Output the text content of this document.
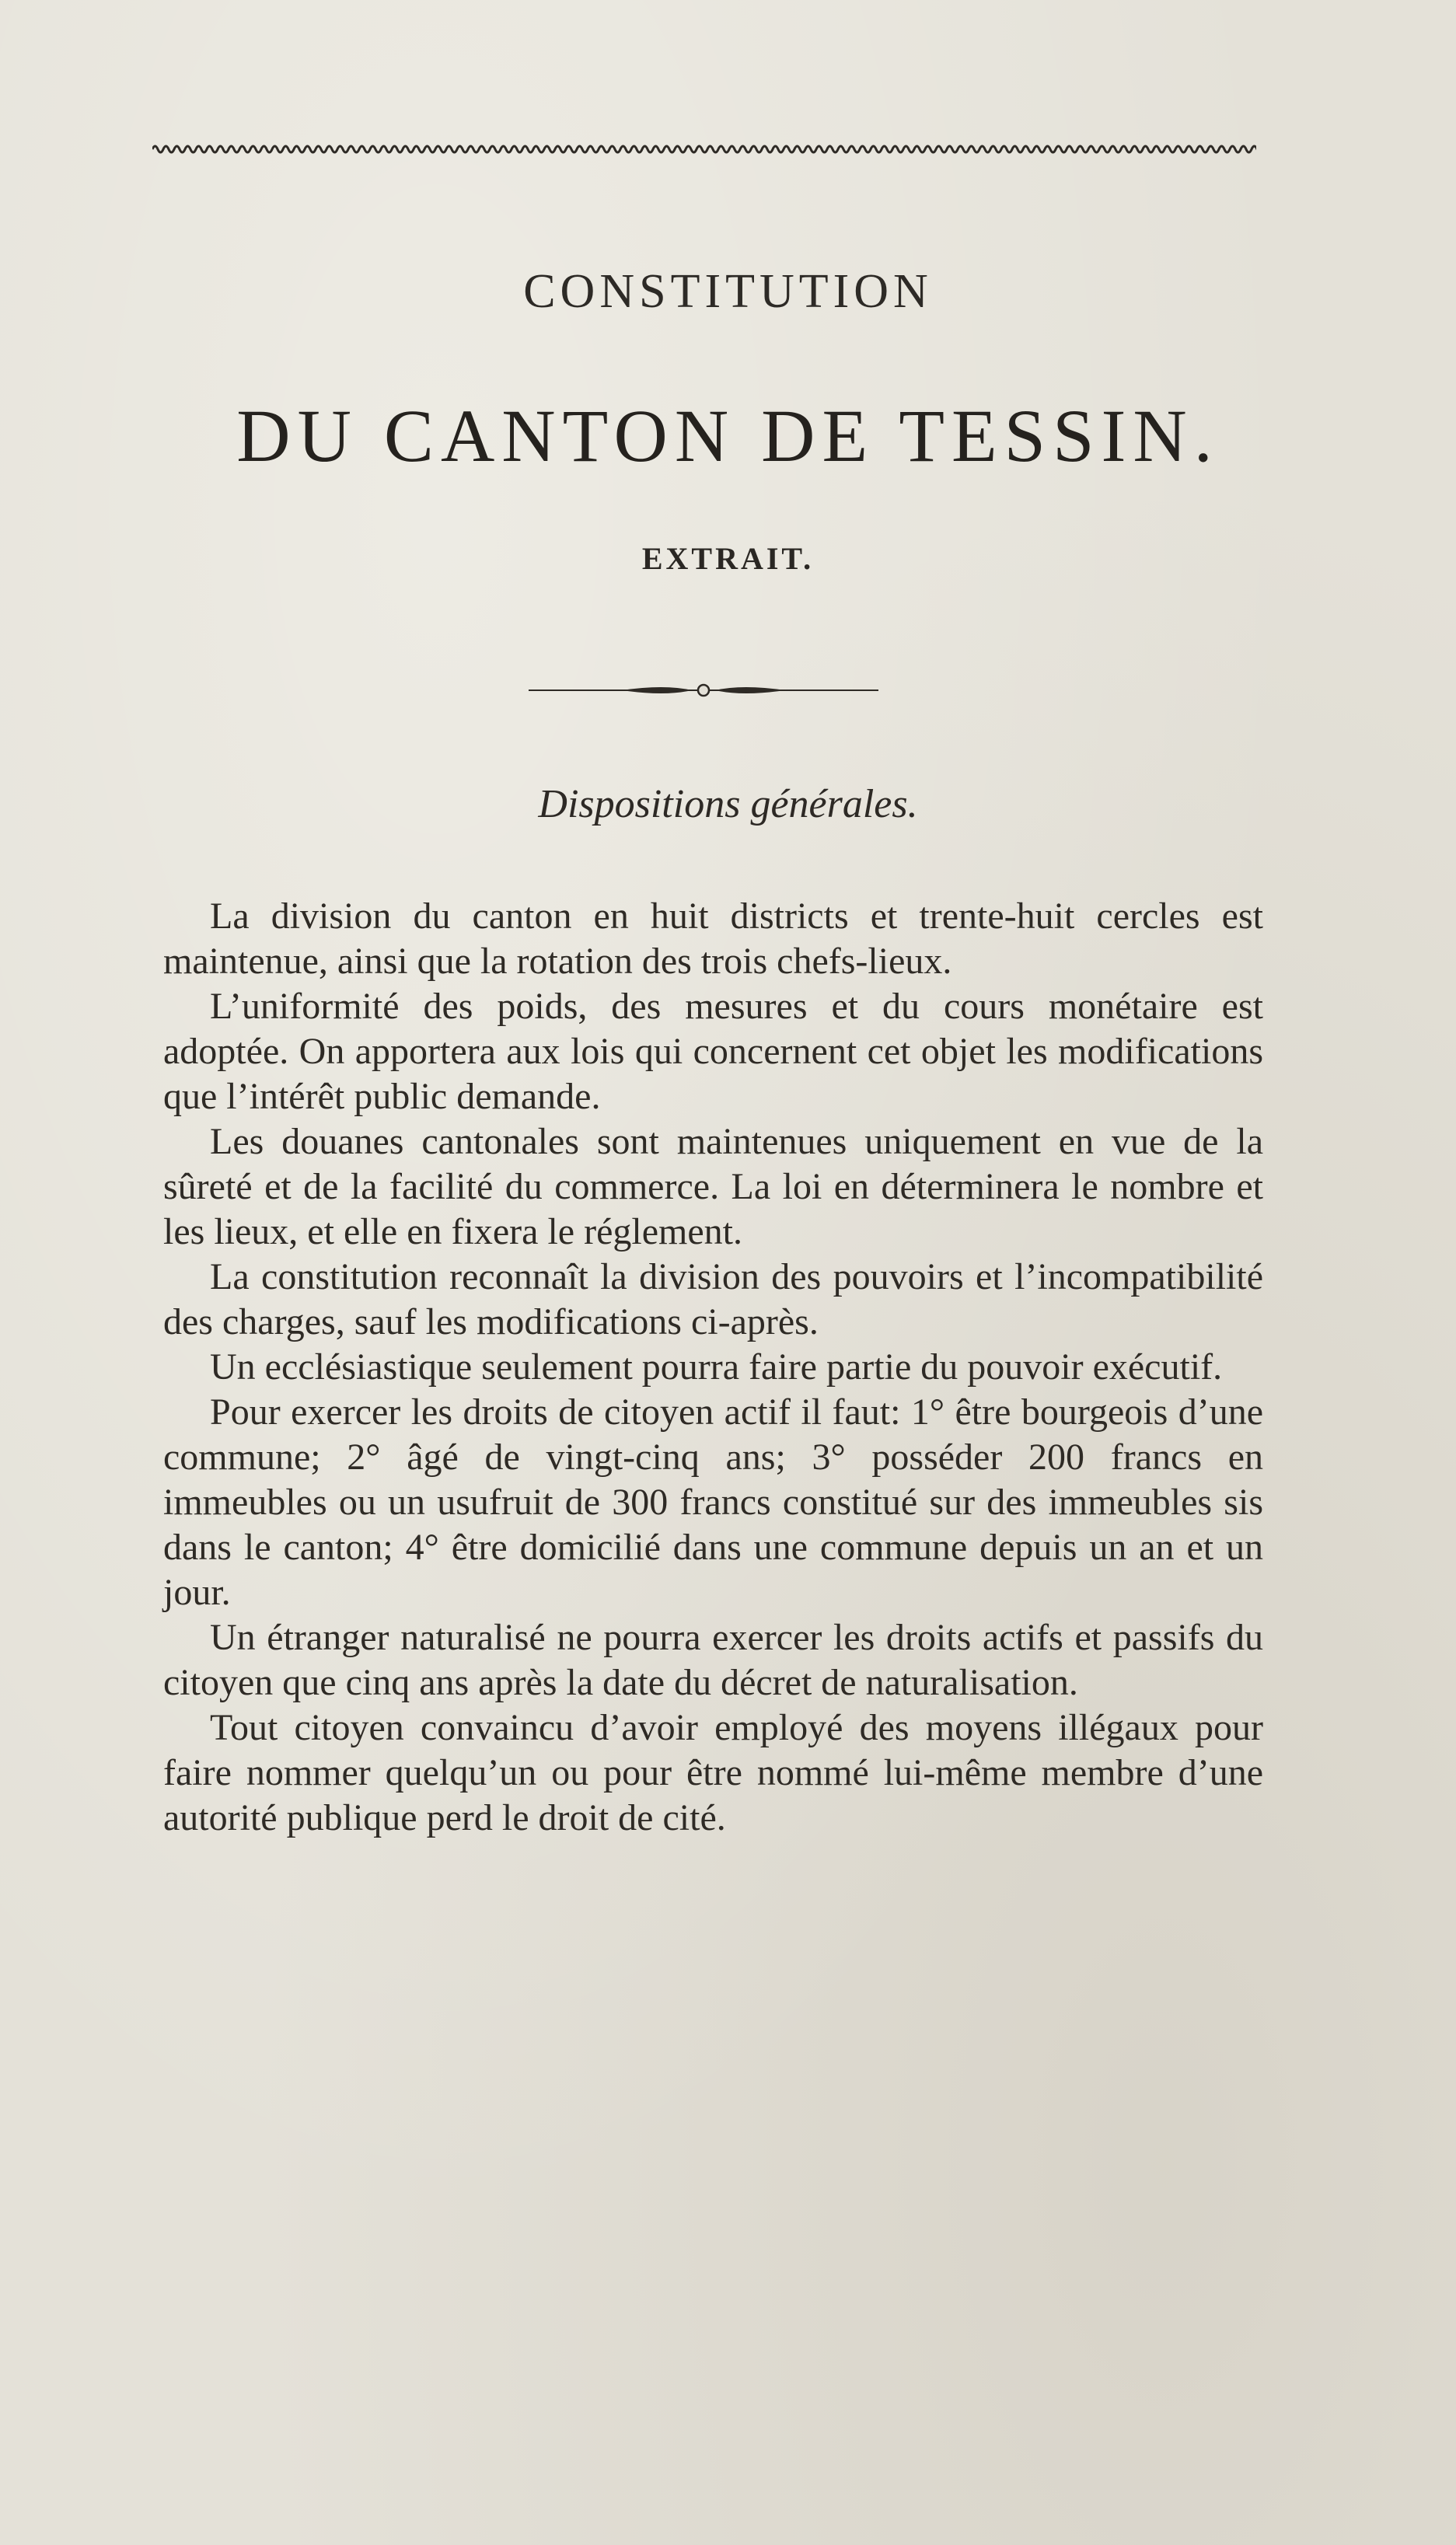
CONSTITUTION
DU CANTON DE TESSIN.
EXTRAIT.
Dispositions générales.

La division du canton en huit districts et trente-huit cercles est maintenue, ainsi que la rotation des trois chefs-lieux.

L’uniformité des poids, des mesures et du cours monétaire est adoptée. On apportera aux lois qui concernent cet objet les modifications que l’intérêt public demande.

Les douanes cantonales sont maintenues uniquement en vue de la sûreté et de la facilité du commerce. La loi en déterminera le nombre et les lieux, et elle en fixera le réglement.

La constitution reconnaît la division des pouvoirs et l’incompatibilité des charges, sauf les modifications ci-après.

Un ecclésiastique seulement pourra faire partie du pouvoir exécutif.

Pour exercer les droits de citoyen actif il faut: 1° être bourgeois d’une commune; 2° âgé de vingt-cinq ans; 3° posséder 200 francs en immeubles ou un usufruit de 300 francs constitué sur des immeubles sis dans le canton; 4° être domicilié dans une commune depuis un an et un jour.

Un étranger naturalisé ne pourra exercer les droits actifs et passifs du citoyen que cinq ans après la date du décret de naturalisation.

Tout citoyen convaincu d’avoir employé des moyens illégaux pour faire nommer quelqu’un ou pour être nommé lui-même membre d’une autorité publique perd le droit de cité.
